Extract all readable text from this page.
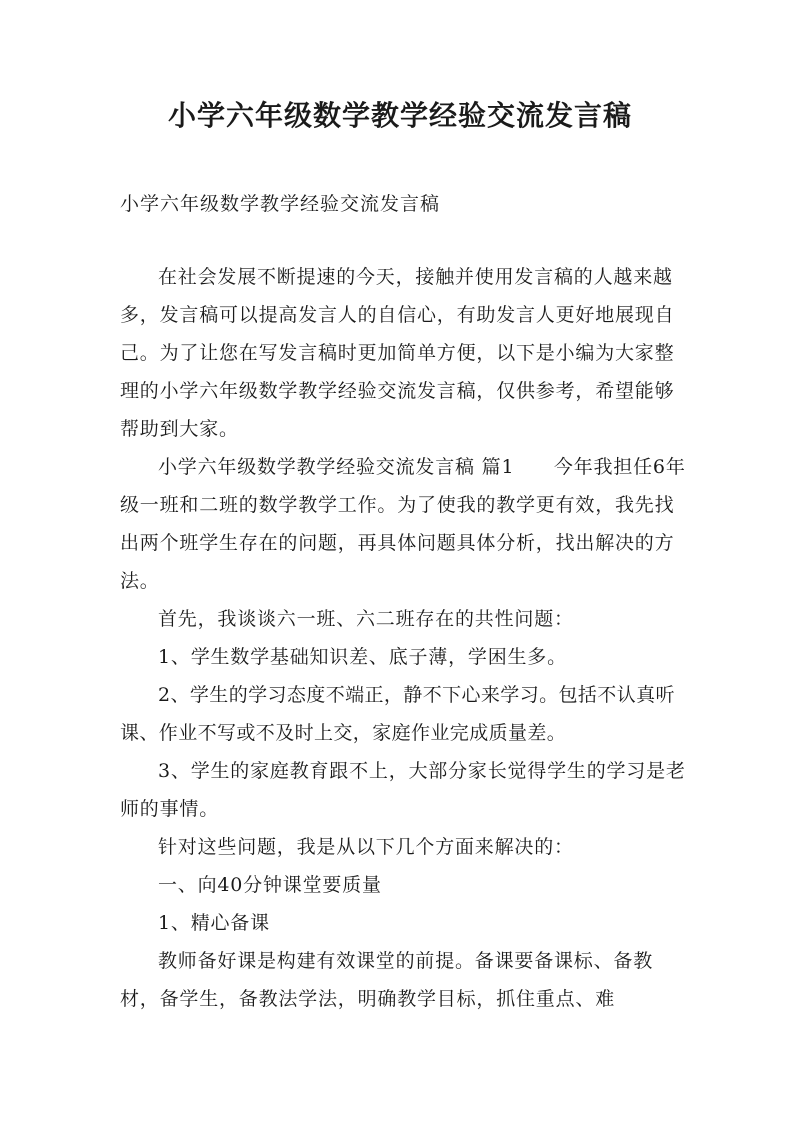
小学六年级数学教学经验交流发言稿
小学六年级数学教学经验交流发言稿

在社会发展不断提速的今天，接触并使用发言稿的人越来越多，发言稿可以提高发言人的自信心，有助发言人更好地展现自己。为了让您在写发言稿时更加简单方便，以下是小编为大家整理的小学六年级数学教学经验交流发言稿，仅供参考，希望能够帮助到大家。

小学六年级数学教学经验交流发言稿 篇1　　今年我担任6年级一班和二班的数学教学工作。为了使我的教学更有效，我先找出两个班学生存在的问题，再具体问题具体分析，找出解决的方法。

首先，我谈谈六一班、六二班存在的共性问题：

1、学生数学基础知识差、底子薄，学困生多。

2、学生的学习态度不端正，静不下心来学习。包括不认真听课、作业不写或不及时上交，家庭作业完成质量差。

3、学生的家庭教育跟不上，大部分家长觉得学生的学习是老师的事情。

针对这些问题，我是从以下几个方面来解决的：

一、向40分钟课堂要质量

1、精心备课

教师备好课是构建有效课堂的前提。备课要备课标、备教材，备学生，备教法学法，明确教学目标，抓住重点、难
